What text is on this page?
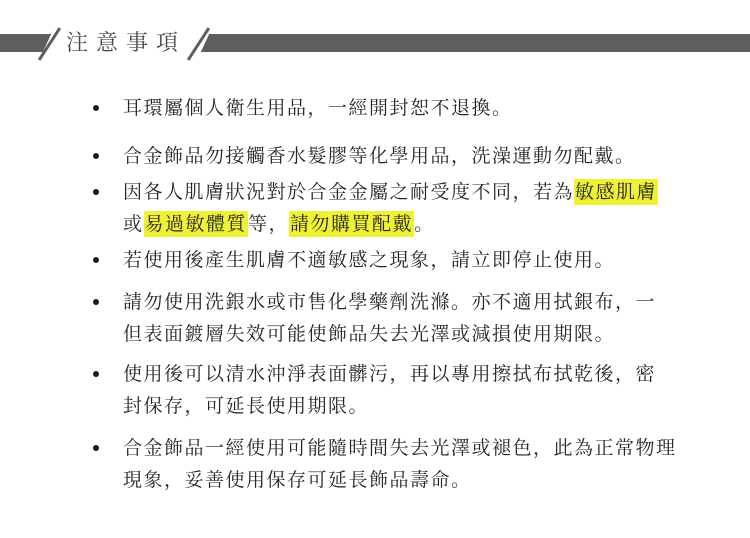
注意事項
耳環屬個人衛生用品，一經開封恕不退換。
合金飾品勿接觸香水髮膠等化學用品，洗澡運動勿配戴。
因各人肌膚狀況對於合金金屬之耐受度不同，若為敏感肌膚
或易過敏體質等，請勿購買配戴。
若使用後產生肌膚不適敏感之現象，請立即停止使用。
請勿使用洗銀水或市售化學藥劑洗滌。亦不適用拭銀布，一
但表面鍍層失效可能使飾品失去光澤或減損使用期限。
使用後可以清水沖淨表面髒污，再以專用擦拭布拭乾後，密
封保存，可延長使用期限。
合金飾品一經使用可能隨時間失去光澤或褪色，此為正常物理
現象，妥善使用保存可延長飾品壽命。
